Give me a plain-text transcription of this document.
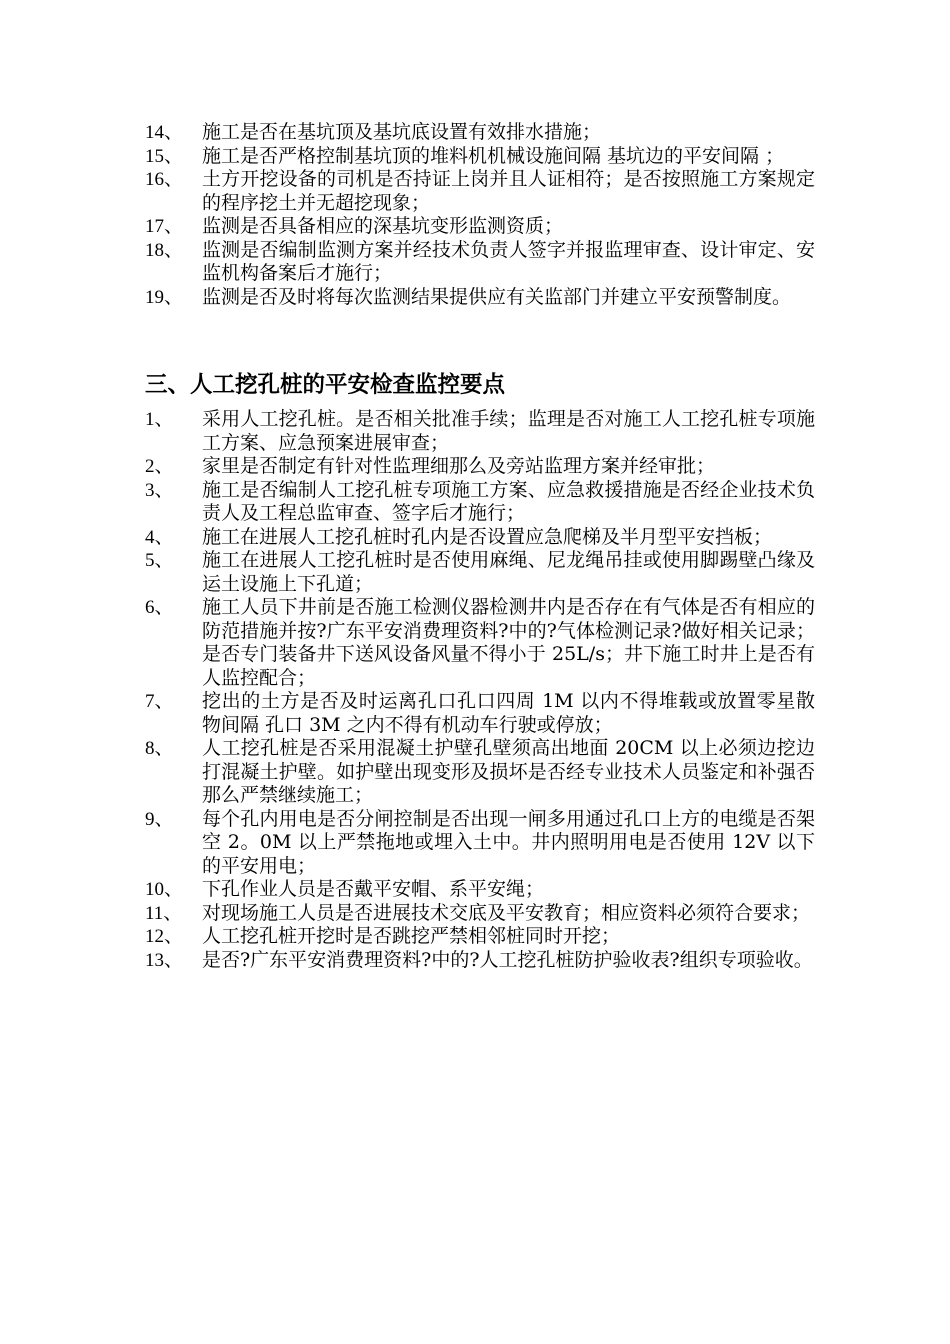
14、 施工是否在基坑顶及基坑底设置有效排水措施；
15、 施工是否严格控制基坑顶的堆料机机械设施间隔 基坑边的平安间隔 ；
16、 土方开挖设备的司机是否持证上岗并且人证相符；是否按照施工方案规定的程序挖土并无超挖现象；
17、 监测是否具备相应的深基坑变形监测资质；
18、 监测是否编制监测方案并经技术负责人签字并报监理审查、设计审定、安监机构备案后才施行；
19、 监测是否及时将每次监测结果提供应有关监部门并建立平安预警制度。
三、人工挖孔桩的平安检查监控要点
1、	采用人工挖孔桩。是否相关批准手续；监理是否对施工人工挖孔桩专项施工方案、应急预案进展审查；
2、	家里是否制定有针对性监理细那么及旁站监理方案并经审批；
3、	施工是否编制人工挖孔桩专项施工方案、应急救援措施是否经企业技术负责人及工程总监审查、签字后才施行；
4、	施工在进展人工挖孔桩时孔内是否设置应急爬梯及半月型平安挡板；
5、	施工在进展人工挖孔桩时是否使用麻绳、尼龙绳吊挂或使用脚踢壁凸缘及运土设施上下孔道；
6、	施工人员下井前是否施工检测仪器检测井内是否存在有气体是否有相应的防范措施并按?广东平安消费理资料?中的?气体检测记录?做好相关记录；是否专门装备井下送风设备风量不得小于 25L/s；井下施工时井上是否有人监控配合；
7、	挖出的土方是否及时运离孔口孔口四周 1M 以内不得堆载或放置零星散物间隔 孔口 3M 之内不得有机动车行驶或停放；
8、	人工挖孔桩是否采用混凝土护壁孔壁须高出地面 20CM 以上必须边挖边打混凝土护壁。如护壁出现变形及损坏是否经专业技术人员鉴定和补强否那么严禁继续施工；
9、	每个孔内用电是否分闸控制是否出现一闸多用通过孔口上方的电缆是否架空 2。0M 以上严禁拖地或埋入土中。井内照明用电是否使用 12V 以下的平安用电；
10、 下孔作业人员是否戴平安帽、系平安绳；
11、	对现场施工人员是否进展技术交底及平安教育；相应资料必须符合要求；
12、 人工挖孔桩开挖时是否跳挖严禁相邻桩同时开挖；
13、 是否?广东平安消费理资料?中的?人工挖孔桩防护验收表?组织专项验收。
